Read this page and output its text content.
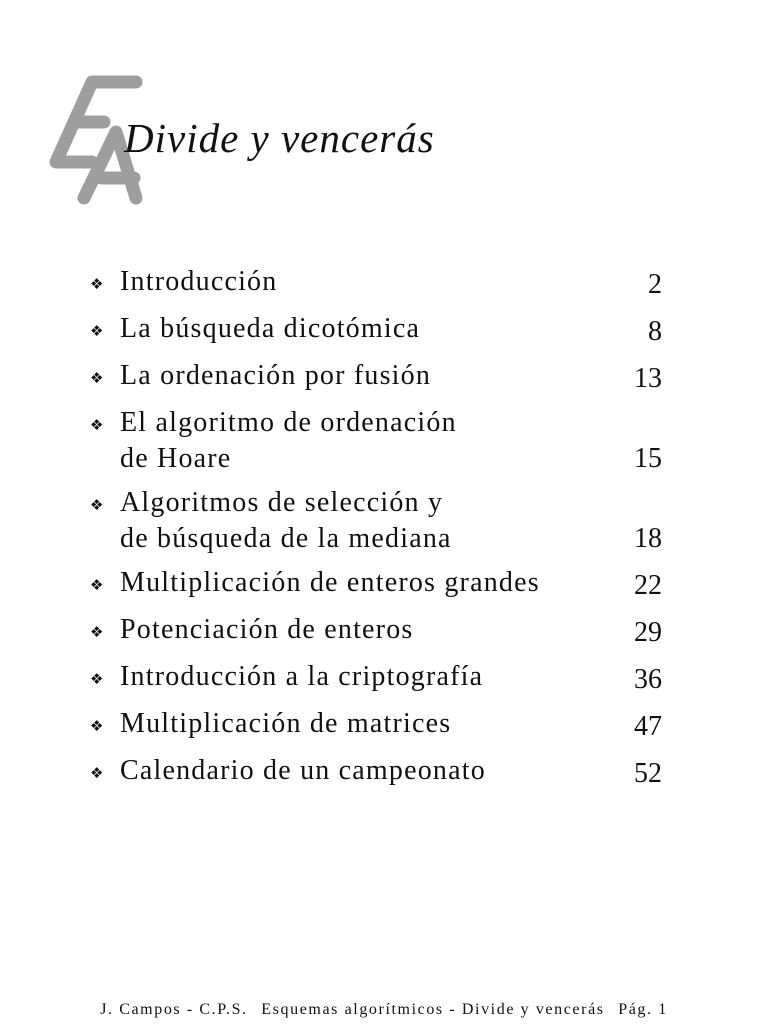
Divide y vencerás
❖ Introducción	2
❖ La búsqueda dicotómica	8
❖ La ordenación por fusión	13
❖ El algoritmo de ordenación
de Hoare	15
❖ Algoritmos de selección y
de búsqueda de la mediana	18
❖ Multiplicación de enteros grandes	22
❖ Potenciación de enteros	29
❖ Introducción a la criptografía	36
❖ Multiplicación de matrices	47
❖ Calendario de un campeonato	52
J. Campos - C.P.S. Esquemas algorítmicos - Divide y vencerás Pág. 1
